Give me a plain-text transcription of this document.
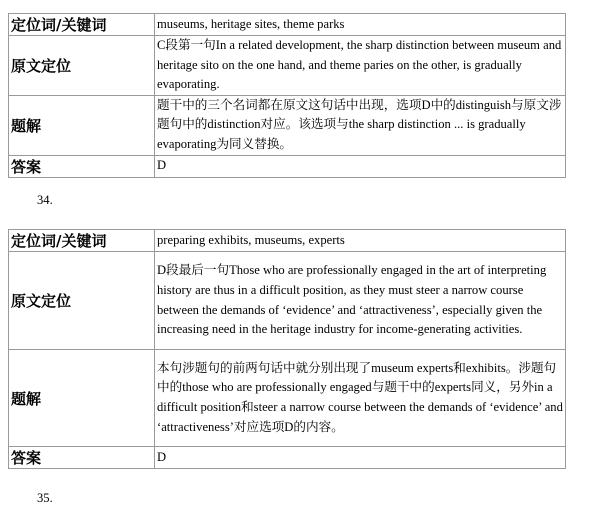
定位词/关键词	museums, heritage sites, theme parks
原文定位	C段第一句In a related development, the sharp distinction between museum and heritage sito on the one hand, and theme paries on the other, is gradually evaporating.
题解	题干中的三个名词都在原文这句话中出现，选项D中的distinguish与原文涉题句中的distinction对应。该选项与the sharp distinction ... is gradually evaporating为同义替换。
答案	D
34.
定位词/关键词	preparing exhibits, museums, experts
原文定位	D段最后一句Those who are professionally engaged in the art of interpreting history are thus in a difficult position, as they must steer a narrow course between the demands of ‘evidence’ and ‘attractiveness’, especially given the increasing need in the heritage industry for income-generating activities.
题解	本句涉题句的前两句话中就分别出现了museum experts和exhibits。涉题句中的those who are professionally engaged与题干中的experts同义，另外in a difficult position和steer a narrow course between the demands of ‘evidence’ and ‘attractiveness’对应选项D的内容。
答案	D
35.
